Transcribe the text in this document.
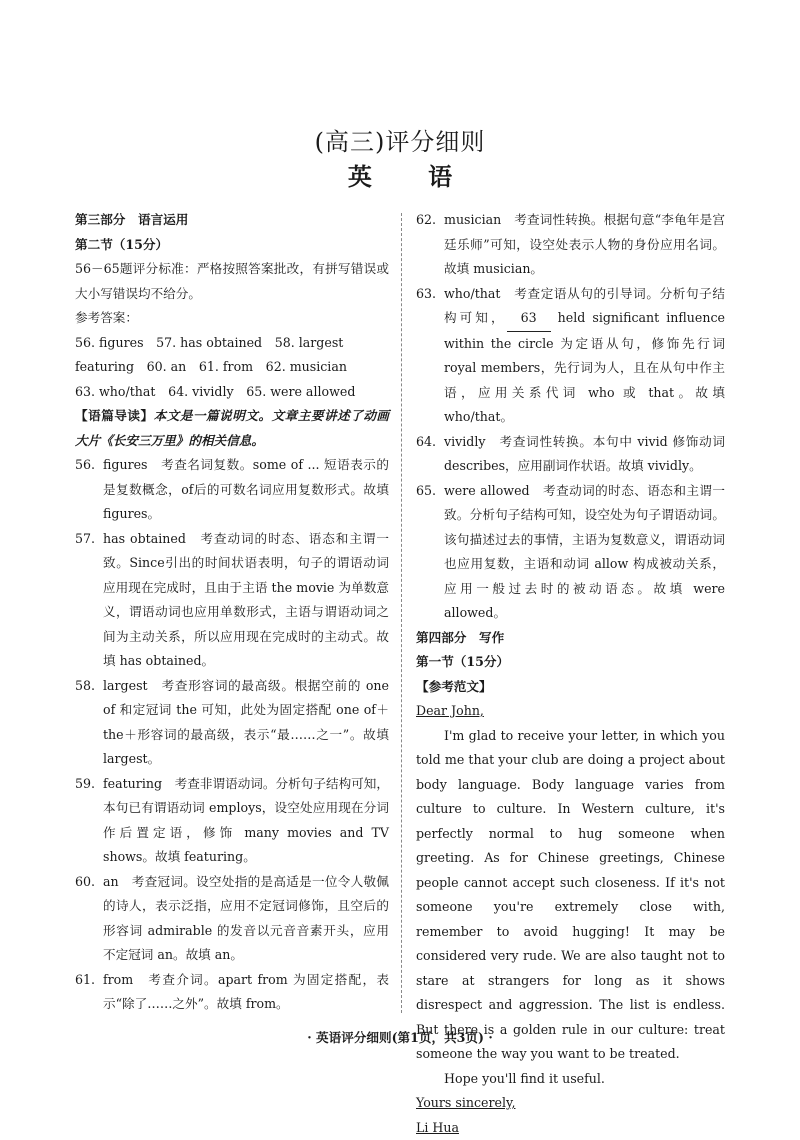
(高三)评分细则
英 语
第三部分　语言运用
第二节（15分）
56－65题评分标准：严格按照答案批改，有拼写错误或大小写错误均不给分。
参考答案：
56. figures　57. has obtained　58. largest
featuring　60. an　61. from　62. musician
63. who/that　64. vividly　65. were allowed
【语篇导读】本文是一篇说明文。文章主要讲述了动画大片《长安三万里》的相关信息。
56. figures　考查名词复数。some of ... 短语表示的是复数概念，of后的可数名词应用复数形式。故填 figures。
57. has obtained　考查动词的时态、语态和主谓一致。Since引出的时间状语表明，句子的谓语动词应用现在完成时，且由于主语 the movie 为单数意义，谓语动词也应用单数形式，主语与谓语动词之间为主动关系，所以应用现在完成时的主动式。故填 has obtained。
58. largest　考查形容词的最高级。根据空前的 one of 和定冠词 the 可知，此处为固定搭配 one of＋the＋形容词的最高级，表示“最……之一”。故填 largest。
59. featuring　考查非谓语动词。分析句子结构可知，本句已有谓语动词 employs，设空处应用现在分词作后置定语，修饰 many movies and TV shows。故填 featuring。
60. an　考查冠词。设空处指的是高适是一位令人敬佩的诗人，表示泛指，应用不定冠词修饰，且空后的形容词 admirable 的发音以元音音素开头，应用不定冠词 an。故填 an。
61. from　考查介词。apart from 为固定搭配，表示“除了……之外”。故填 from。
62. musician　考查词性转换。根据句意“李龟年是宫廷乐师”可知，设空处表示人物的身份应用名词。故填 musician。
63. who/that　考查定语从句的引导词。分析句子结构可知， 63 held significant influence within the circle 为定语从句，修饰先行词 royal members，先行词为人，且在从句中作主语，应用关系代词 who 或 that。故填 who/that。
64. vividly　考查词性转换。本句中 vivid 修饰动词 describes，应用副词作状语。故填 vividly。
65. were allowed　考查动词的时态、语态和主谓一致。分析句子结构可知，设空处为句子谓语动词。该句描述过去的事情，主语为复数意义，谓语动词也应用复数，主语和动词 allow 构成被动关系，应用一般过去时的被动语态。故填 were allowed。
第四部分　写作
第一节（15分）
【参考范文】

Dear John,

I'm glad to receive your letter, in which you told me that your club are doing a project about body language. Body language varies from culture to culture. In Western culture, it's perfectly normal to hug someone when greeting. As for Chinese greetings, Chinese people cannot accept such closeness. If it's not someone you're extremely close with, remember to avoid hugging! It may be considered very rude. We are also taught not to stare at strangers for long as it shows disrespect and aggression. The list is endless. But there is a golden rule in our culture: treat someone the way you want to be treated.

Hope you'll find it useful.

Yours sincerely,

Li Hua

· 英语评分细则(第1页，共3页) ·
